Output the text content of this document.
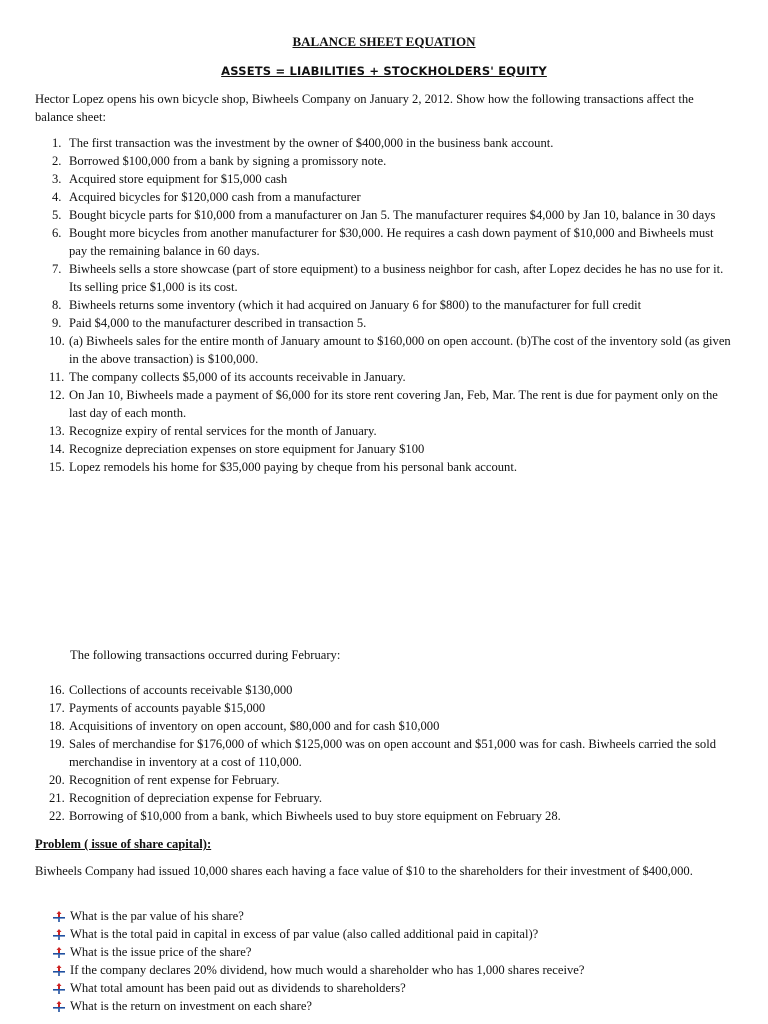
BALANCE SHEET EQUATION
ASSETS = LIABILITIES + STOCKHOLDERS' EQUITY
Hector Lopez opens his own bicycle shop, Biwheels Company on January 2, 2012. Show how the following transactions affect the balance sheet:
1. The first transaction was the investment by the owner of $400,000 in the business bank account.
2. Borrowed $100,000 from a bank by signing a promissory note.
3. Acquired store equipment for $15,000 cash
4. Acquired bicycles for $120,000 cash from a manufacturer
5. Bought bicycle parts for $10,000 from a manufacturer on Jan 5. The manufacturer requires $4,000 by Jan 10, balance in 30 days
6. Bought more bicycles from another manufacturer for $30,000. He requires a cash down payment of $10,000 and Biwheels must pay the remaining balance in 60 days.
7. Biwheels sells a store showcase (part of store equipment) to a business neighbor for cash, after Lopez decides he has no use for it. Its selling price $1,000 is its cost.
8. Biwheels returns some inventory (which it had acquired on January 6 for $800) to the manufacturer for full credit
9. Paid $4,000 to the manufacturer described in transaction 5.
10. (a) Biwheels sales for the entire month of January amount to $160,000 on open account. (b)The cost of the inventory sold (as given in the above transaction) is $100,000.
11. The company collects $5,000 of its accounts receivable in January.
12. On Jan 10, Biwheels made a payment of $6,000 for its store rent covering Jan, Feb, Mar. The rent is due for payment only on the last day of each month.
13. Recognize expiry of rental services for the month of January.
14. Recognize depreciation expenses on store equipment for January $100
15. Lopez remodels his home for $35,000 paying by cheque from his personal bank account.
The following transactions occurred during February:
16. Collections of accounts receivable $130,000
17. Payments of accounts payable $15,000
18. Acquisitions of inventory on open account, $80,000 and for cash $10,000
19. Sales of merchandise for $176,000 of which $125,000 was on open account and $51,000 was for cash. Biwheels carried the sold merchandise in inventory at a cost of 110,000.
20. Recognition of rent expense for February.
21. Recognition of depreciation expense for February.
22. Borrowing of $10,000 from a bank, which Biwheels used to buy store equipment on February 28.
Problem ( issue of share capital):
Biwheels Company had issued 10,000 shares each having a face value of $10 to the shareholders for their investment of $400,000.
What is the par value of his share?
What is the total paid in capital in excess of par value (also called additional paid in capital)?
What is the issue price of the share?
If the company declares 20% dividend, how much would a shareholder who has 1,000 shares receive?
What total amount has been paid out as dividends to shareholders?
What is the return on investment on each share?
